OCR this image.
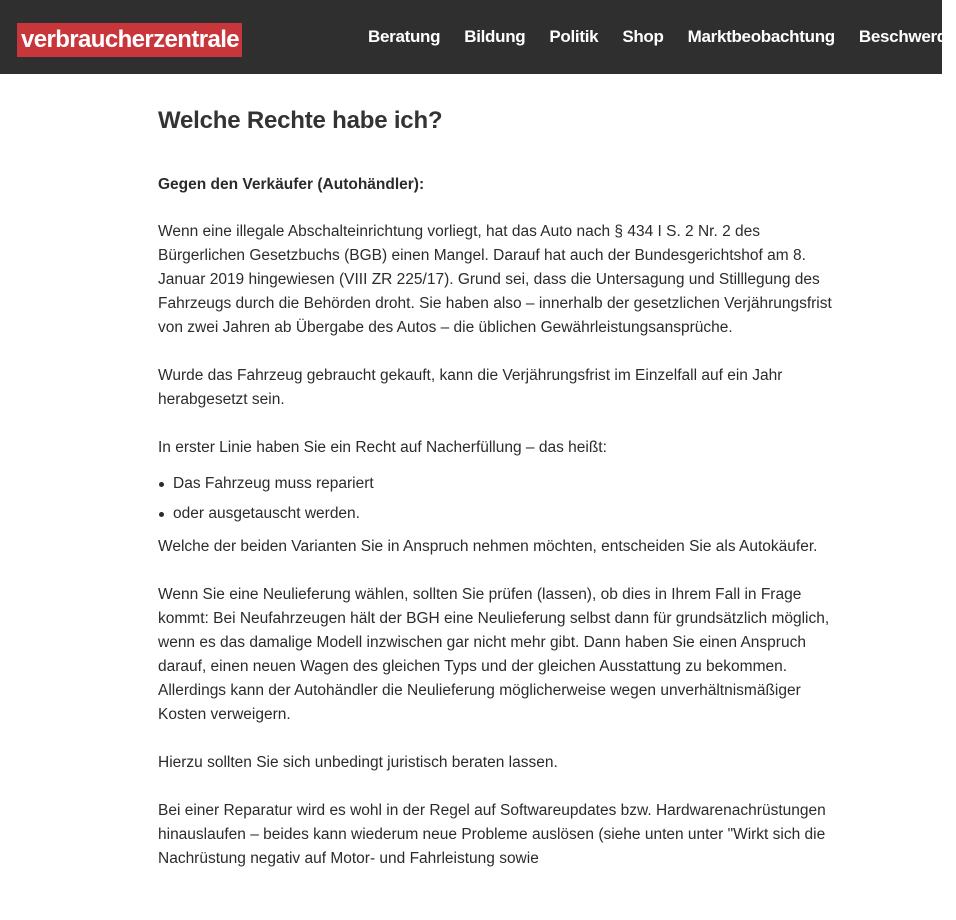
verbraucherzentrale	Beratung Bildung Politik Shop Marktbeobachtung Beschwerde
Welche Rechte habe ich?

Gegen den Verkäufer (Autohändler):

Wenn eine illegale Abschalteinrichtung vorliegt, hat das Auto nach § 434 I S. 2 Nr. 2 des Bürgerlichen Gesetzbuchs (BGB) einen Mangel. Darauf hat auch der Bundesgerichtshof am 8. Januar 2019 hingewiesen (VIII ZR 225/17). Grund sei, dass die Untersagung und Stilllegung des Fahrzeugs durch die Behörden droht. Sie haben also – innerhalb der gesetzlichen Verjährungsfrist von zwei Jahren ab Übergabe des Autos – die üblichen Gewährleistungsansprüche.

Wurde das Fahrzeug gebraucht gekauft, kann die Verjährungsfrist im Einzelfall auf ein Jahr herabgesetzt sein.

In erster Linie haben Sie ein Recht auf Nacherfüllung – das heißt:

Das Fahrzeug muss repariert
oder ausgetauscht werden.

Welche der beiden Varianten Sie in Anspruch nehmen möchten, entscheiden Sie als Autokäufer.

Wenn Sie eine Neulieferung wählen, sollten Sie prüfen (lassen), ob dies in Ihrem Fall in Frage kommt: Bei Neufahrzeugen hält der BGH eine Neulieferung selbst dann für grundsätzlich möglich, wenn es das damalige Modell inzwischen gar nicht mehr gibt. Dann haben Sie einen Anspruch darauf, einen neuen Wagen des gleichen Typs und der gleichen Ausstattung zu bekommen. Allerdings kann der Autohändler die Neulieferung möglicherweise wegen unverhältnismäßiger Kosten verweigern.

Hierzu sollten Sie sich unbedingt juristisch beraten lassen.

Bei einer Reparatur wird es wohl in der Regel auf Softwareupdates bzw. Hardwarenachrüstungen hinauslaufen – beides kann wiederum neue Probleme auslösen (siehe unten unter "Wirkt sich die Nachrüstung negativ auf Motor- und Fahrleistung sowie
